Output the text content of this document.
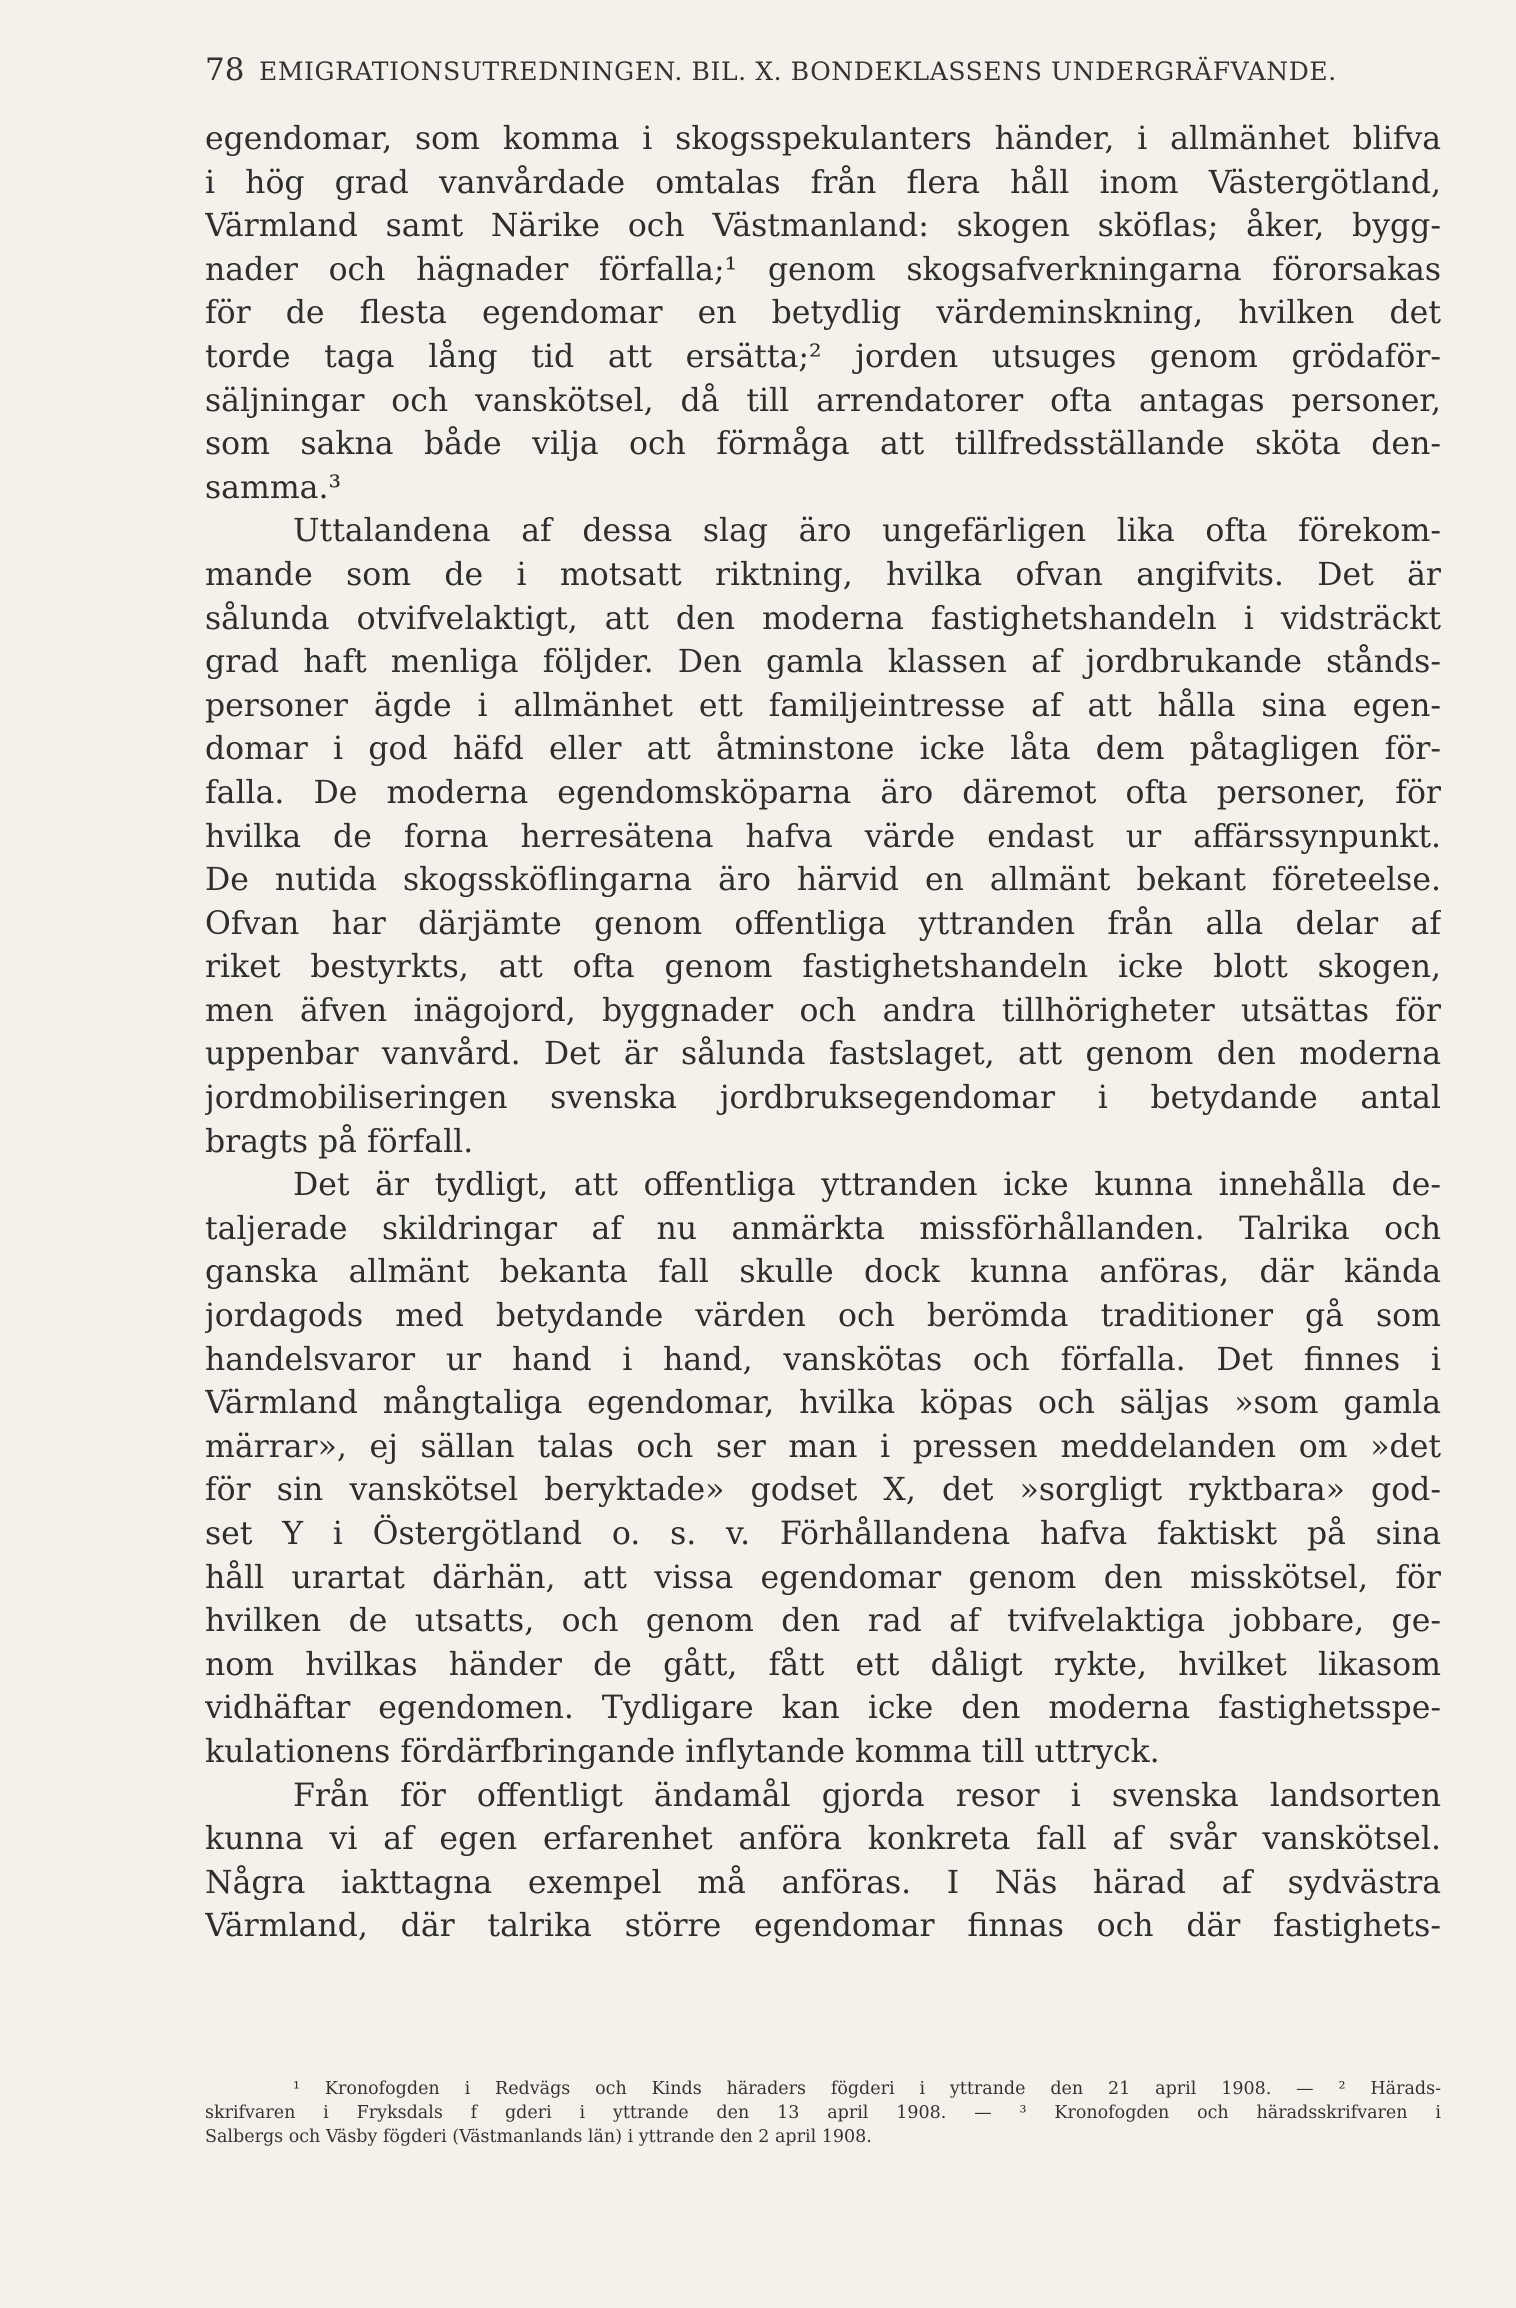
78 EMIGRATIONSUTREDNINGEN. BIL. X. BONDEKLASSENS UNDERGRÄFVANDE.
egendomar, som komma i skogsspekulanters händer, i allmänhet blifva
i hög grad vanvårdade omtalas från flera håll inom Västergötland,
Värmland samt Närike och Västmanland: skogen sköflas; åker, bygg-
nader och hägnader förfalla;¹ genom skogsafverkningarna förorsakas
för de flesta egendomar en betydlig värdeminskning, hvilken det
torde taga lång tid att ersätta;² jorden utsuges genom grödaför-
säljningar och vanskötsel, då till arrendatorer ofta antagas personer,
som sakna både vilja och förmåga att tillfredsställande sköta den-
samma.³
Uttalandena af dessa slag äro ungefärligen lika ofta förekom-
mande som de i motsatt riktning, hvilka ofvan angifvits. Det är
sålunda otvifvelaktigt, att den moderna fastighetshandeln i vidsträckt
grad haft menliga följder. Den gamla klassen af jordbrukande stånds-
personer ägde i allmänhet ett familjeintresse af att hålla sina egen-
domar i god häfd eller att åtminstone icke låta dem påtagligen för-
falla. De moderna egendomsköparna äro däremot ofta personer, för
hvilka de forna herresätena hafva värde endast ur affärssynpunkt.
De nutida skogssköflingarna äro härvid en allmänt bekant företeelse.
Ofvan har därjämte genom offentliga yttranden från alla delar af
riket bestyrkts, att ofta genom fastighetshandeln icke blott skogen,
men äfven inägojord, byggnader och andra tillhörigheter utsättas för
uppenbar vanvård. Det är sålunda fastslaget, att genom den moderna
jordmobiliseringen svenska jordbruksegendomar i betydande antal
bragts på förfall.
Det är tydligt, att offentliga yttranden icke kunna innehålla de-
taljerade skildringar af nu anmärkta missförhållanden. Talrika och
ganska allmänt bekanta fall skulle dock kunna anföras, där kända
jordagods med betydande värden och berömda traditioner gå som
handelsvaror ur hand i hand, vanskötas och förfalla. Det finnes i
Värmland mångtaliga egendomar, hvilka köpas och säljas »som gamla
märrar», ej sällan talas och ser man i pressen meddelanden om »det
för sin vanskötsel beryktade» godset X, det »sorgligt ryktbara» god-
set Y i Östergötland o. s. v. Förhållandena hafva faktiskt på sina
håll urartat därhän, att vissa egendomar genom den misskötsel, för
hvilken de utsatts, och genom den rad af tvifvelaktiga jobbare, ge-
nom hvilkas händer de gått, fått ett dåligt rykte, hvilket likasom
vidhäftar egendomen. Tydligare kan icke den moderna fastighetsspe-
kulationens fördärfbringande inflytande komma till uttryck.
Från för offentligt ändamål gjorda resor i svenska landsorten
kunna vi af egen erfarenhet anföra konkreta fall af svår vanskötsel.
Några iakttagna exempel må anföras. I Näs härad af sydvästra
Värmland, där talrika större egendomar finnas och där fastighets-
¹ Kronofogden i Redvägs och Kinds häraders fögderi i yttrande den 21 april 1908. — ² Härads-
skrifvaren i Fryksdals f gderi i yttrande den 13 april 1908. — ³ Kronofogden och häradsskrifvaren i
Salbergs och Väsby fögderi (Västmanlands län) i yttrande den 2 april 1908.
